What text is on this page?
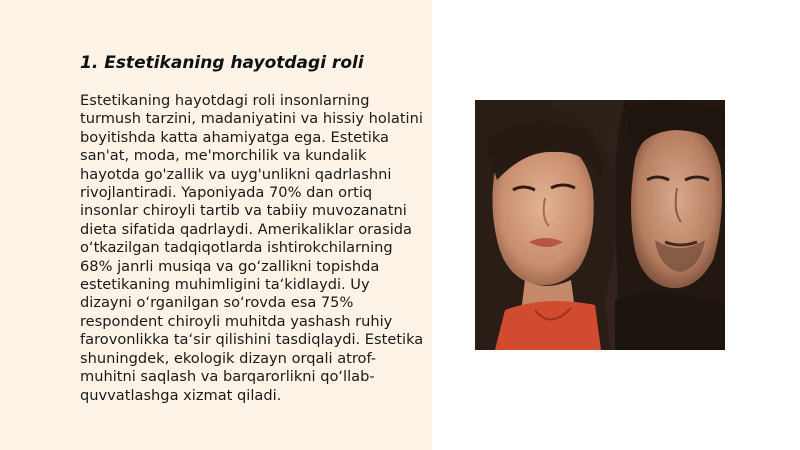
1. Estetikaning hayotdagi roli

Estetikaning hayotdagi roli insonlarning turmush tarzini, madaniyatini va hissiy holatini boyitishda katta ahamiyatga ega. Estetika san'at, moda, me'morchilik va kundalik hayotda go'zallik va uyg'unlikni qadrlashni rivojlantiradi. Yaponiyada 70% dan ortiq insonlar chiroyli tartib va tabiiy muvozanatni dieta sifatida qadrlaydi. Amerikaliklar orasida o‘tkazilgan tadqiqotlarda ishtirokchilarning 68% janrli musiqa va go‘zallikni topishda estetikaning muhimligini ta‘kidlaydi. Uy dizayni o‘rganilgan so‘rovda esa 75% respondent chiroyli muhitda yashash ruhiy farovonlikka ta‘sir qilishini tasdiqlaydi. Estetika shuningdek, ekologik dizayn orqali atrof-muhitni saqlash va barqarorlikni qo‘llab-quvvatlashga xizmat qiladi.
